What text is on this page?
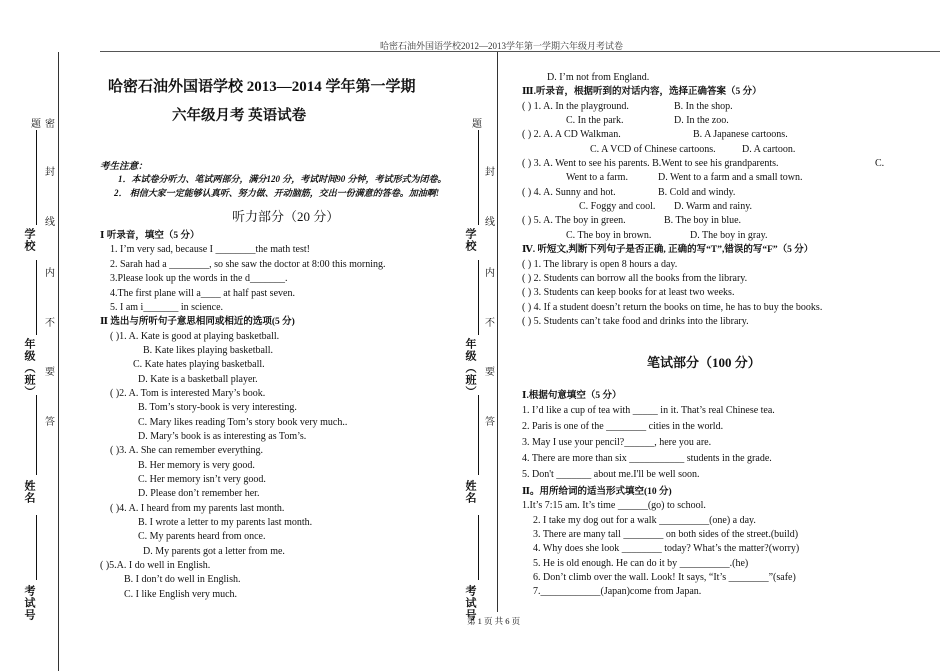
哈密石油外国语学校2012—2013学年第一学期六年级月考试卷
题 密
封
线
内
不
要
答
学校
年级（班）
姓名
考试号
题
封
线
内
不
要
答
学校
年级（班）
姓名
考试号
哈密石油外国语学校 2013—2014 学年第一学期
六年级月考 英语试卷
考生注意：
1．本试卷分听力、笔试两部分，满分120 分，考试时间90 分钟，考试形式为闭卷。
2． 相信大家一定能够认真听、努力做、开动脑筋，交出一份满意的答卷。加油啊!
听力部分（20 分）
Ⅰ 听录音，填空（5 分）
1. I’m very sad, because I ________the math test!
2. Sarah had a ________, so she saw the doctor at 8:00 this morning.
3.Please look up the words in the d_______.
4.The first plane will a____ at half past seven.
5. I am i_______ in science.
Ⅱ 选出与所听句子意思相同或相近的选项(5 分)
( )1. A. Kate is good at playing basketball.
B. Kate likes playing basketball.
C. Kate hates playing basketball.
D. Kate is a basketball player.
( )2. A. Tom is interested Mary’s book.
B. Tom’s story-book is very interesting.
C. Mary likes reading Tom’s story book very much..
D. Mary’s book is as interesting as Tom’s.
( )3. A. She can remember everything.
B. Her memory is very good.
C. Her memory isn’t very good.
D. Please don’t remember her.
( )4. A. I heard from my parents last month.
B. I wrote a letter to my parents last month.
C. My parents heard from once.
D. My parents got a letter from me.
( )5.A. I do well in English.
B. I don’t do well in English.
C. I like English very much.
D. I’m not from England.
Ⅲ.听录音，根据听到的对话内容，选择正确答案（5 分）
( ) 1. A. In the playground.	B. In the shop.
C. In the park.	D. In the zoo.
( ) 2. A. A CD Walkman.	B. A Japanese cartoons.
C. A VCD of Chinese cartoons.	D. A cartoon.
( ) 3. A. Went to see his parents. B.Went to see his grandparents.	C.
Went to a farm.	D. Went to a farm and a small town.
( ) 4. A. Sunny and hot.	B. Cold and windy.
C. Foggy and cool. D. Warm and rainy.
( ) 5. A. The boy in green.	B. The boy in blue.
C. The boy in brown.	D. The boy in gray.
Ⅳ. 听短文,判断下列句子是否正确, 正确的写“T”,错误的写“F”（5 分）
( ) 1. The library is open 8 hours a day.
( ) 2. Students can borrow all the books from the library.
( ) 3. Students can keep books for at least two weeks.
( ) 4. If a student doesn’t return the books on time, he has to buy the books.
( ) 5. Students can’t take food and drinks into the library.
笔试部分（100 分）
Ⅰ.根据句意填空（5 分）
1. I’d like a cup of tea with _____ in it. That’s real Chinese tea.
2. Paris is one of the ________ cities in the world.
3. May I use your pencil?______, here you are.
4. There are more than six ___________ students in the grade.
5. Don't _______ about me.I'll be well soon.
Ⅱ。用所给词的适当形式填空(10 分)
1.It’s 7:15 am. It’s time ______(go) to school.
2. I take my dog out for a walk __________(one) a day.
3. There are many tall ________ on both sides of the street.(build)
4. Why does she look ________ today? What’s the matter?(worry)
5. He is old enough. He can do it by __________.(he)
6. Don’t climb over the wall. Look! It says, “It’s ________”(safe)
7.____________(Japan)come from Japan.
第 1 页 共 6 页
